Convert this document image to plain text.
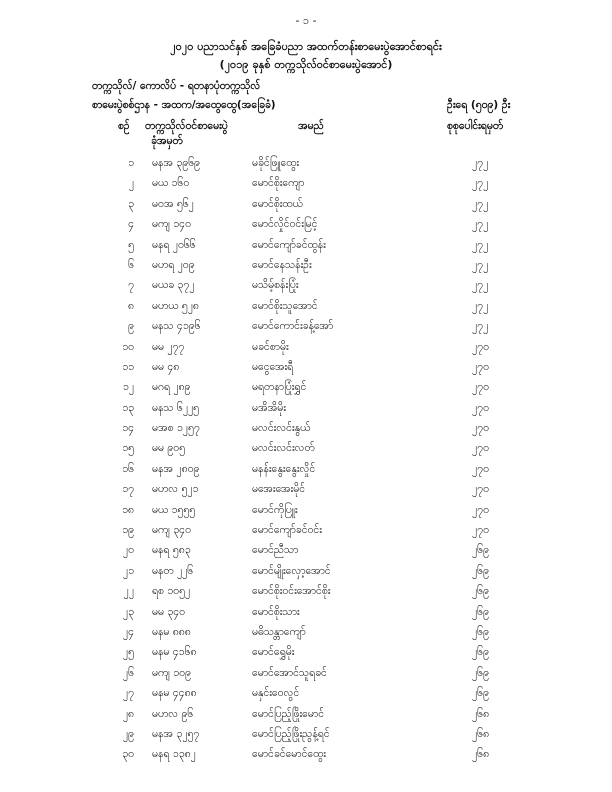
- ၁ -
၂၀၂၀ ပညာသင်နှစ် အခြေခံပညာ အထက်တန်းစာမေးပွဲအောင်စာရင်း
(၂၀၁၉ ခုနှစ် တက္ကသိုလ်ဝင်စာမေးပွဲအောင်)
တက္ကသိုလ်/ ကောလိပ် - ရတနာပုံတက္ကသိုလ်
စာမေးပွဲစစ်ဌာန - အထက/အထွေထွေ(အခြေခံ)	ဦးရေ (၅၀၉) ဦး
စဉ် တက္ကသိုလ်ဝင်စာမေးပွဲ
ခုံအမှတ်
အမည်	စုစုပေါင်းရမှတ်
၁ မနအ ၃၉၆၉	မခိုင်ဖြူထွေး	၂၇၂
၂ မယ ၁၆၀	မောင်စိုးကျော	၂၇၂
၃ မဝအ ၅၆၂	မောင်စိုးထယ်	၂၇၂
၄ မကျ ၁၄၀	မောင်လှိုင်ဝင်းမြင့်	၂၇၂
၅ မနရ ၂၀၆၆	မောင်ကျော်ခင်ထွန်း	၂၇၂
၆ မဟရ ၂၀၉	မောင်နေသန်းဦး	၂၇၂
၇ မယခ ၃၇၂	မသိမ့်စန်းပြုံး	၂၇၂
၈ မဟယ ၅၂၈	မောင်စိုးသူအောင်	၂၇၂
၉ မနသ ၄၁၉၆	မောင်ကောင်းခန့်အော်	၂၇၂
၁၀ မမ ၂၇၇	မခင်စာမိုး	၂၇၀
၁၁ မမ ၄၈	မငွေအေးရီ	၂၇၀
၁၂ မဂရ ၂၈၉	မရတနာပြုံးရွှင်	၂၇၀
၁၃ မနသ ၆၂၂၅	မအိအိမိုး	၂၇၀
၁၄ မအစ ၁၂၅၇	မလင်းလင်းနွယ်	၂၇၀
၁၅ မမ ၉၀၅	မလင်းလင်းလတ်	၂၇၀
၁၆ မနအ ၂၈၀၉	မနန်းနွေးနွေးလှိုင်	၂၇၀
၁၇ မဟလ ၅၂၁	မအေးအေးမိုင်	၂၇၀
၁၈ မယ ၁၅၅၅	မောင်ကိုပြူး	၂၇၀
၁၉ မကျ ၃၄၀	မောင်ကျော်ခင်ဝင်း	၂၇၀
၂၀ မနရ ၅၈၃	မောင်ညီသာ	၂၆၉
၂၁ မနတ ၂၂၆	မောင်မျိုးလှော့အောင်	၂၆၉
၂၂ ရစ ၁၀၅၂	မောင်စိုးဝင်းအောင်စိုး	၂၆၉
၂၃ မမ ၃၄၀	မောင်စိုးသား	၂၆၉
၂၄ မနမ ၈၈၈	မဓိသန္တာကျော်	၂၆၉
၂၅ မနမ ၄၁၆၈	မောင်ရွှေမိုး	၂၆၉
၂၆ မကျ ၁၀၉	မောင်အောင်သူရခင်	၂၆၉
၂၇ မနမ ၄၄၈၈	မနှင်းဝေလွင်	၂၆၉
၂၈ မဟလ ၉၆	မောင်ပြည့်ဖြိုးမောင်	၂၆၈
၂၉ မနအ ၃၂၅၇	မောင်ပြည့်ဖြိုးညွန့်ရင်	၂၆၈
၃၀ မနရ ၁၃၈၂	မောင်ခင်မောင်ထွေး	၂၆၈
